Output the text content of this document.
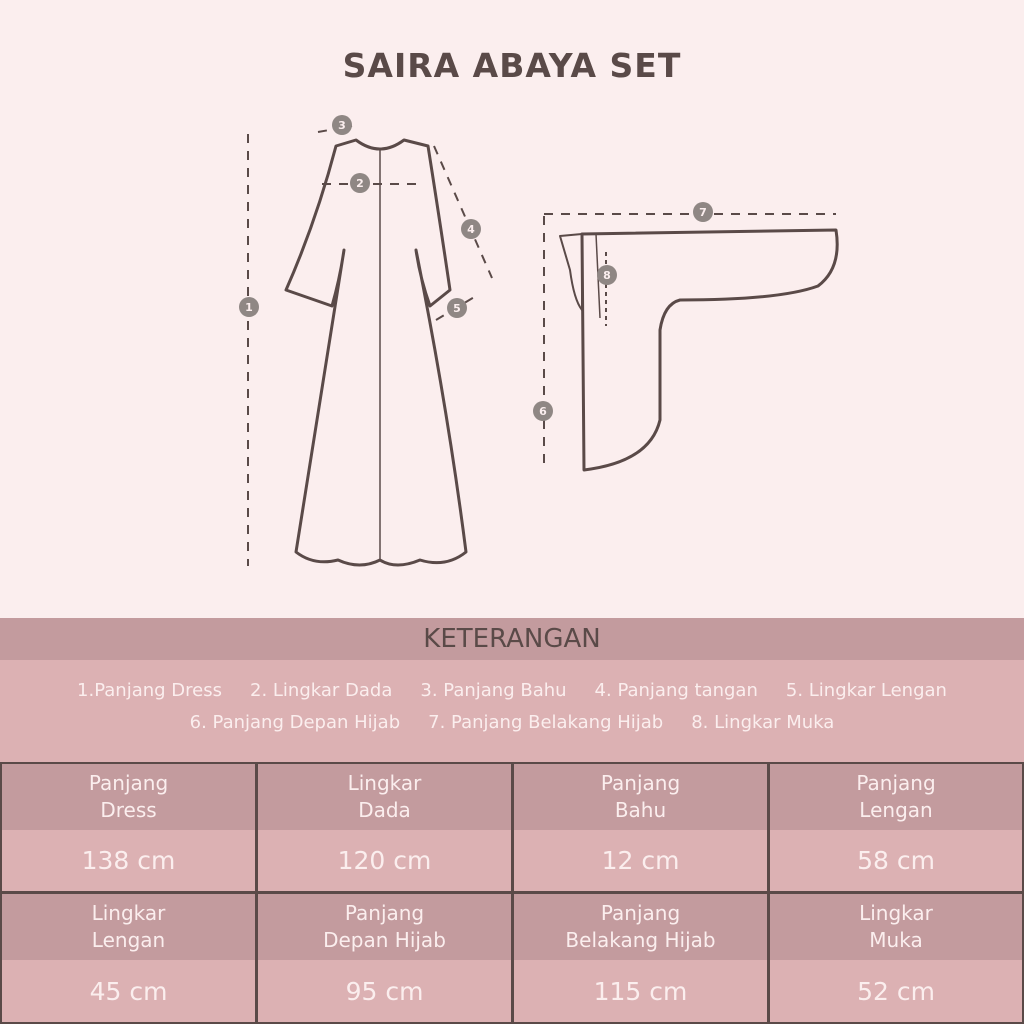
SAIRA ABAYA SET
1
2
3
4
5
6
7
8
KETERANGAN
1.Panjang Dress 2. Lingkar Dada 3. Panjang Bahu 4. Panjang tangan 5. Lingkar Lengan
6. Panjang Depan Hijab 7. Panjang Belakang Hijab 8. Lingkar Muka
Panjang
Dress
138 cm
Lingkar
Dada
120 cm
Panjang
Bahu
12 cm
Panjang
Lengan
58 cm
Lingkar
Lengan
45 cm
Panjang
Depan Hijab
95 cm
Panjang
Belakang Hijab
115 cm
Lingkar
Muka
52 cm
